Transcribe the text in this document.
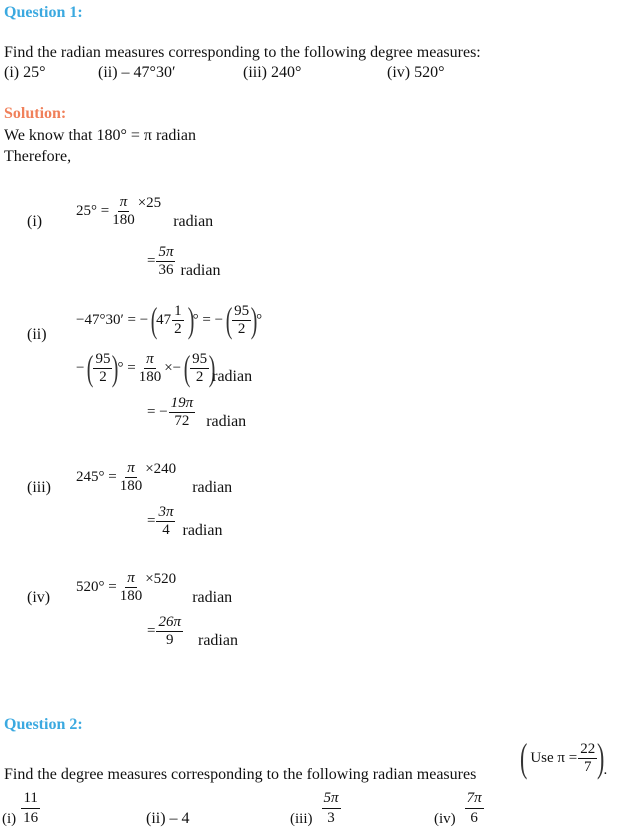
Question 1:
Find the radian measures corresponding to the following degree measures:
(i) 25°	(ii) – 47°30′	(iii) 240°	(iv) 520°
Solution:
We know that 180° = π radian
Therefore,
(i)
$25^\circ = \frac{\pi}{180} \times 25$
radian
= $\frac{5\pi}{36}$ radian
(ii)
−47°30′ = − (
$47 \frac{1}{2}$ )
° = − ( $\frac{95}{2}$ )
°
− ( $\frac{95}{2}$ )
° = $\frac{\pi}{180}$ ×− ( $\frac{95}{2}$ )
radian
= − $\frac{19\pi}{72}$ radian
(iii)
$245^\circ = \frac{\pi}{180} \times 240$
radian
= $\frac{3\pi}{4}$ radian
(iv)
$520^\circ = \frac{\pi}{180} \times 520$
radian
= $\frac{26\pi}{9}$ radian
Question 2:
Find the degree measures corresponding to the following radian measures ( Use $\pi = \frac{22}{7}$ )
.
$(i) \frac{11}{16}$	(ii) – 4	$(iii) \frac{5\pi}{3}$	$(iv) \frac{7\pi}{6}$
